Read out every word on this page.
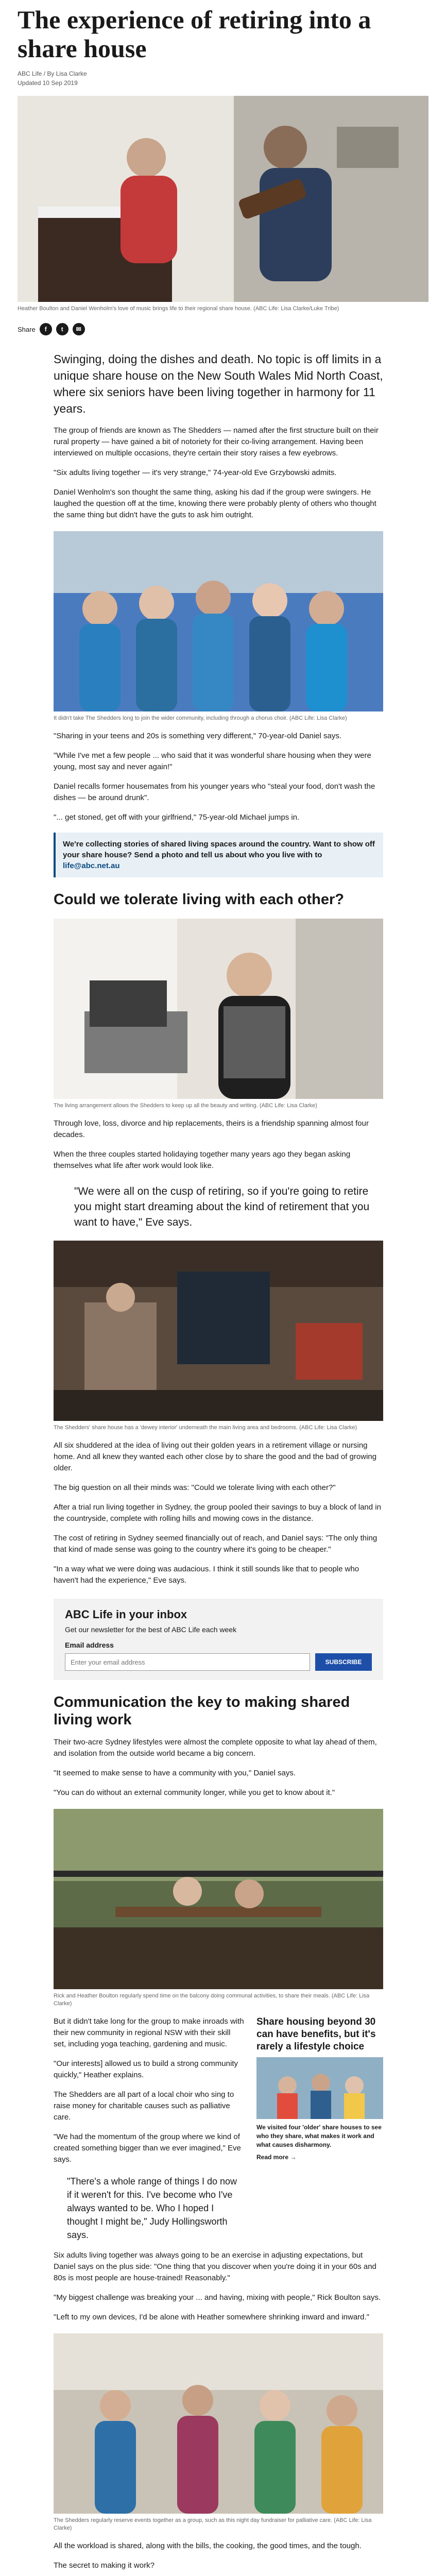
The experience of retiring into a share house
ABC Life / By Lisa Clarke
Updated 10 Sep 2019
Heather Boulton and Daniel Wenholm's love of music brings life to their regional share house. (ABC Life: Lisa Clarke/Luke Tribe)
Share	f	t	✉

Swinging, doing the dishes and death. No topic is off limits in a unique share house on the New South Wales Mid North Coast, where six seniors have been living together in harmony for 11 years.

The group of friends are known as The Shedders — named after the first structure built on their rural property — have gained a bit of notoriety for their co-living arrangement. Having been interviewed on multiple occasions, they're certain their story raises a few eyebrows.

"Six adults living together — it's very strange," 74-year-old Eve Grzybowski admits.

Daniel Wenholm's son thought the same thing, asking his dad if the group were swingers. He laughed the question off at the time, knowing there were probably plenty of others who thought the same thing but didn't have the guts to ask him outright.

It didn't take The Shedders long to join the wider community, including through a chorus choir. (ABC Life: Lisa Clarke)

"Sharing in your teens and 20s is something very different," 70-year-old Daniel says.

"While I've met a few people ... who said that it was wonderful share housing when they were young, most say and never again!"

Daniel recalls former housemates from his younger years who "steal your food, don't wash the dishes — be around drunk".

"... get stoned, get off with your girlfriend," 75-year-old Michael jumps in.

We're collecting stories of shared living spaces around the country. Want to show off your share house? Send a photo and tell us about who you live with to life@abc.net.au
Could we tolerate living with each other?
The living arrangement allows the Shedders to keep up all the beauty and writing. (ABC Life: Lisa Clarke)

Through love, loss, divorce and hip replacements, theirs is a friendship spanning almost four decades.

When the three couples started holidaying together many years ago they began asking themselves what life after work would look like.

"We were all on the cusp of retiring, so if you're going to retire you might start dreaming about the kind of retirement that you want to have," Eve says.
The Shedders' share house has a 'dewey interior' underneath the main living area and bedrooms. (ABC Life: Lisa Clarke)

All six shuddered at the idea of living out their golden years in a retirement village or nursing home. And all knew they wanted each other close by to share the good and the bad of growing older.

The big question on all their minds was: "Could we tolerate living with each other?"

After a trial run living together in Sydney, the group pooled their savings to buy a block of land in the countryside, complete with rolling hills and mowing cows in the distance.

The cost of retiring in Sydney seemed financially out of reach, and Daniel says: "The only thing that kind of made sense was going to the country where it's going to be cheaper."

"In a way what we were doing was audacious. I think it still sounds like that to people who haven't had the experience," Eve says.

ABC Life in your inbox
Get our newsletter for the best of ABC Life each week
Email address
Enter your email address
SUBSCRIBE
Communication the key to making shared living work

Their two-acre Sydney lifestyles were almost the complete opposite to what lay ahead of them, and isolation from the outside world became a big concern.

"It seemed to make sense to have a community with you," Daniel says.

"You can do without an external community longer, while you get to know about it."

Rick and Heather Boulton regularly spend time on the balcony doing communal activities, to share their meals. (ABC Life: Lisa Clarke)

But it didn't take long for the group to make inroads with their new community in regional NSW with their skill set, including yoga teaching, gardening and music.

"Our interests] allowed us to build a strong community quickly," Heather explains.

The Shedders are all part of a local choir who sing to raise money for charitable causes such as palliative care.

"We had the momentum of the group where we kind of created something bigger than we ever imagined," Eve says.

"There's a whole range of things I do now if it weren't for this. I've become who I've always wanted to be. Who I hoped I thought I might be," Judy Hollingsworth says.
Share housing beyond 30 can have benefits, but it's rarely a lifestyle choice
We visited four 'older' share houses to see who they share, what makes it work and what causes disharmony.
Read more →

Six adults living together was always going to be an exercise in adjusting expectations, but Daniel says on the plus side: "One thing that you discover when you're doing it in your 60s and 80s is most people are house-trained! Reasonably."

"My biggest challenge was breaking your ... and having, mixing with people," Rick Boulton says.

"Left to my own devices, I'd be alone with Heather somewhere shrinking inward and inward."

The Shedders regularly reserve events together as a group, such as this night day fundraiser for palliative care. (ABC Life: Lisa Clarke)

All the workload is shared, along with the bills, the cooking, the good times, and the tough.

The secret to making it work?
